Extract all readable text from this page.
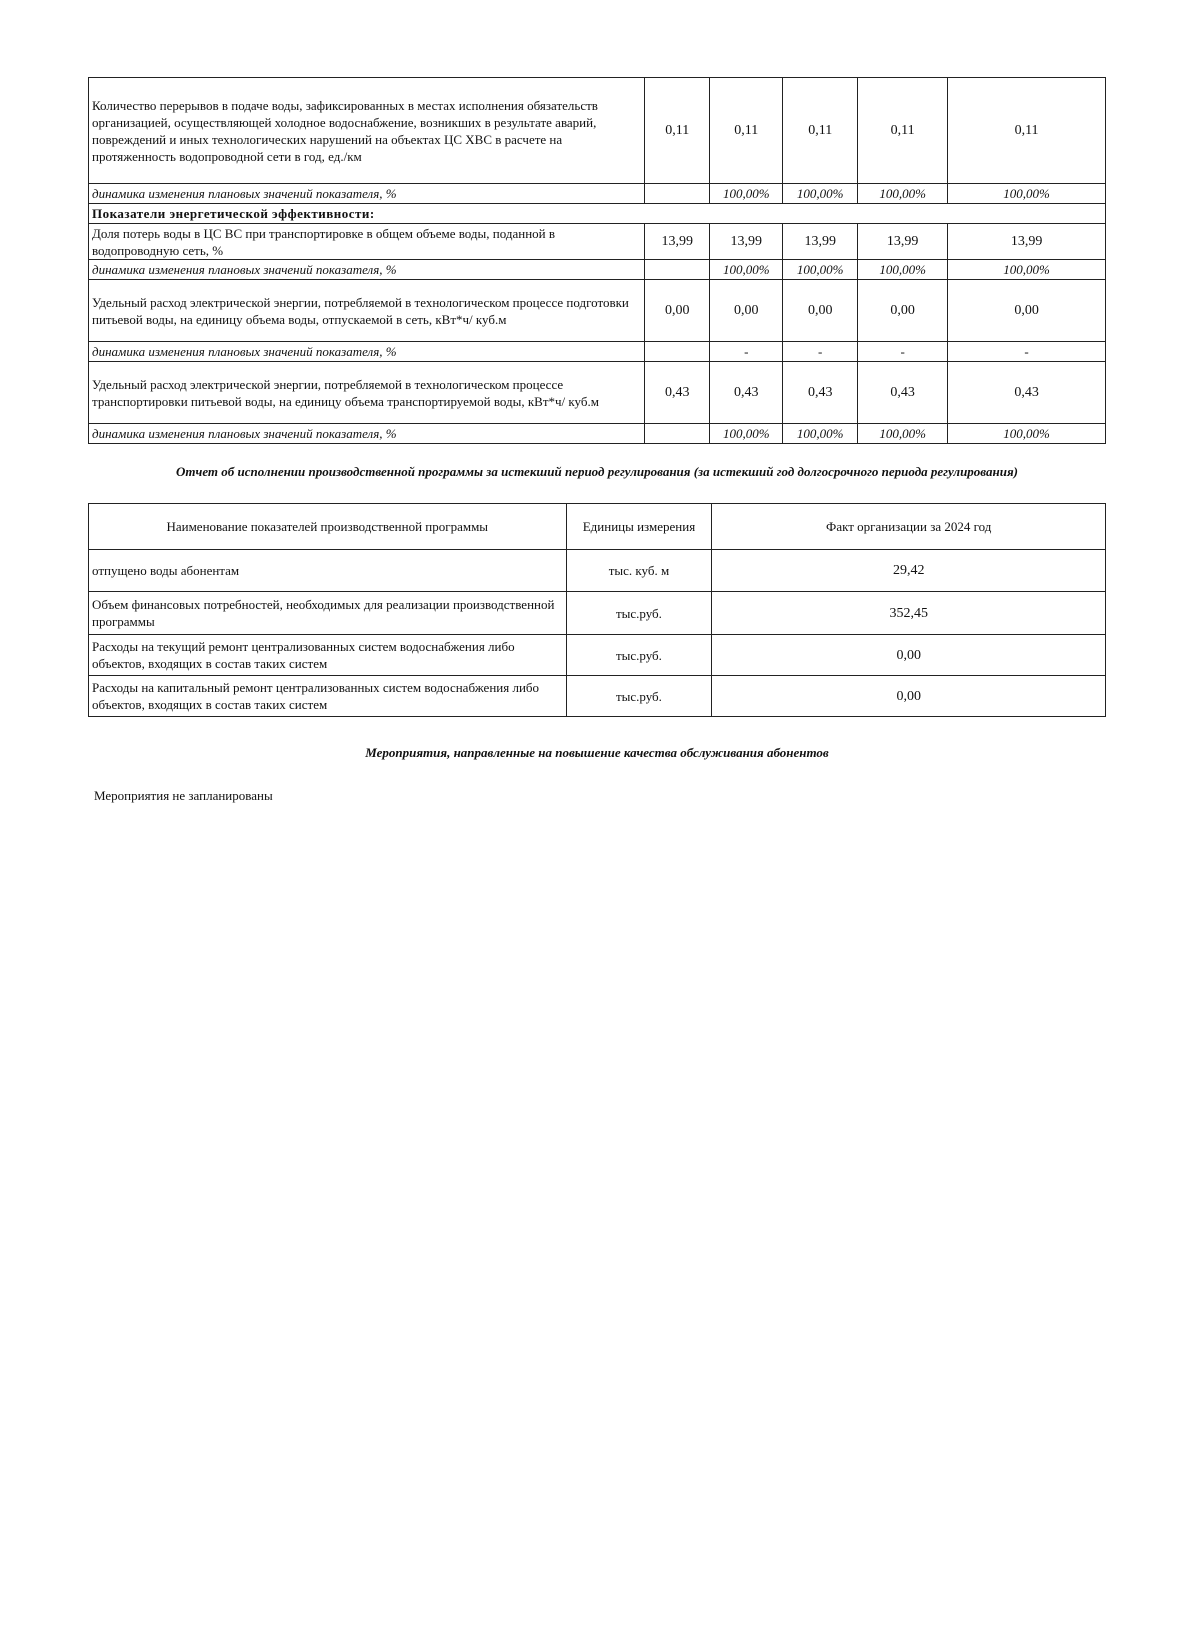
Количество перерывов в подаче воды, зафиксированных в местах исполнения обязательств организацией, осуществляющей холодное водоснабжение, возникших в результате аварий, повреждений и иных технологических нарушений на объектах ЦС ХВС в расчете на протяженность водопроводной сети в год, ед./км	0,11	0,11	0,11	0,11	0,11
динамика изменения плановых значений показателя, %		100,00%	100,00%	100,00%	100,00%
Показатели энергетической эффективности:					
Доля потерь воды в ЦС ВС при транспортировке в общем объеме воды, поданной в водопроводную сеть, %	13,99	13,99	13,99	13,99	13,99
динамика изменения плановых значений показателя, %		100,00%	100,00%	100,00%	100,00%
Удельный расход электрической энергии, потребляемой в технологическом процессе подготовки питьевой воды, на единицу объема воды, отпускаемой в сеть, кВт*ч/ куб.м	0,00	0,00	0,00	0,00	0,00
динамика изменения плановых значений показателя, %		-	-	-	-
Удельный расход электрической энергии, потребляемой в технологическом процессе транспортировки питьевой воды, на единицу объема транспортируемой воды, кВт*ч/ куб.м	0,43	0,43	0,43	0,43	0,43
динамика изменения плановых значений показателя, %		100,00%	100,00%	100,00%	100,00%
Отчет об исполнении производственной программы за истекший период регулирования (за истекший год долгосрочного периода регулирования)
Наименование показателей производственной программы	Единицы измерения	Факт организации за 2024 год
отпущено воды абонентам	тыс. куб. м	29,42
Объем финансовых потребностей, необходимых для реализации производственной программы	тыс.руб.	352,45
Расходы на текущий ремонт централизованных систем водоснабжения либо объектов, входящих в состав таких систем	тыс.руб.	0,00
Расходы на капитальный ремонт централизованных систем водоснабжения либо объектов, входящих в состав таких систем	тыс.руб.	0,00
Мероприятия, направленные на повышение качества обслуживания абонентов
Мероприятия не запланированы
